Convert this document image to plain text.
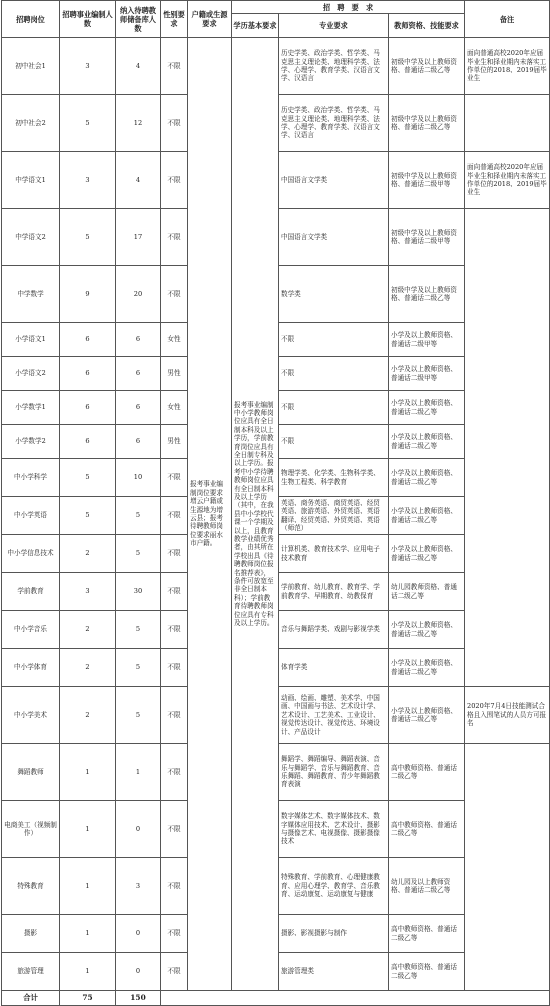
招聘岗位	招聘事业编制人数	纳入待聘教师储备库人数	性别要求	户籍或生源要求	招　聘　要　求			备注
					学历基本要求	专业要求	教师资格、技能要求	
初中社会1	3	4	不限	报考事业编制岗位要求增云户籍或生源地为增云县；报考待聘教师岗位要求丽水市户籍。	报考事业编制中小学教师岗位应具有全日制本科及以上学历，学前教育岗位应具有全日制专科及以上学历。报考中小学待聘教师岗位应具有全日制本科及以上学历（其中，在我县中小学校代课一个学期及以上，且教育教学业绩优秀者，由其所在学校出具《待聘教师岗位报名推荐表》，条件可放宽至非全日制本科）；学前教育待聘教师岗位应具有专科及以上学历。	历史学类、政治学类、哲学类、马克思主义理论类、地理科学类、法学、心理学、教育学类、汉语言文学、汉语言	初级中学及以上教师资格、普通话二级乙等	面向普通高校2020年应届毕业生和择业期内未落实工作单位的2018、2019届毕业生
初中社会2	5	12	不限			历史学类、政治学类、哲学类、马克思主义理论类、地理科学类、法学、心理学、教育学类、汉语言文学、汉语言	初级中学及以上教师资格、普通话二级乙等	
中学语文1	3	4	不限			中国语言文学类	初级中学及以上教师资格、普通话二级甲等	面向普通高校2020年应届毕业生和择业期内未落实工作单位的2018、2019届毕业生
中学语文2	5	17	不限			中国语言文学类	初级中学及以上教师资格、普通话二级甲等	
中学数学	9	20	不限			数学类	初级中学及以上教师资格、普通话二级乙等	
小学语文1	6	6	女性			不限	小学及以上教师资格、普通话二级甲等	
小学语文2	6	6	男性			不限	小学及以上教师资格、普通话二级甲等	
小学数学1	6	6	女性			不限	小学及以上教师资格、普通话二级乙等	
小学数学2	6	6	男性			不限	小学及以上教师资格、普通话二级乙等	
中小学科学	5	10	不限			物理学类、化学类、生物科学类、生物工程类、科学教育	小学及以上教师资格、普通话二级乙等	
中小学英语	5	5	不限			英语、商务英语、商贸英语、经贸英语、旅游英语、外贸英语、英语翻译、经贸英语、外贸英语、英语（师范）	小学及以上教师资格、普通话二级乙等	
中小学信息技术	2	5	不限			计算机类、教育技术学、应用电子技术教育	小学及以上教师资格、普通话二级乙等	
学前教育	3	30	不限			学前教育、幼儿教育、教育学、学前教育学、早期教育、幼教保育	幼儿园教师资格、普通话二级乙等	
中小学音乐	2	5	不限			音乐与舞蹈学类、戏剧与影视学类	小学及以上教师资格、普通话二级乙等	
中小学体育	2	5	不限			体育学类	小学及以上教师资格、普通话二级乙等	
中小学美术	2	5	不限			动画、绘画、雕塑、美术学、中国画、中国画与书法、艺术设计学、艺术设计、工艺美术、工业设计、视觉传达设计、视觉传达、环境设计、产品设计	小学及以上教师资格、普通话二级乙等	2020年7月4日技能测试合格且入围笔试的人员方可报名
舞蹈教师	1	1	不限			舞蹈学、舞蹈编导、舞蹈表演、音乐与舞蹈学、音乐与舞蹈教育、音乐舞蹈、舞蹈教育、青少年舞蹈教育表演	高中教师资格、普通话二级乙等	
电商美工（视频制作）	1	0	不限			数字媒体艺术、数字媒体技术、数字媒体应用技术、艺术设计、摄影与摄像艺术、电视摄像、摄影摄像技术	高中教师资格、普通话二级乙等	
特殊教育	1	3	不限			特殊教育、学前教育、心理健康教育、应用心理学、教育学、音乐教育、运动康复、运动康复与健康	幼儿园及以上教师资格、普通话二级乙等	
摄影	1	0	不限			摄影、影视摄影与制作	高中教师资格、普通话二级乙等	
旅游管理	1	0	不限			旅游管理类	高中教师资格、普通话二级乙等	
合计	75	150						
